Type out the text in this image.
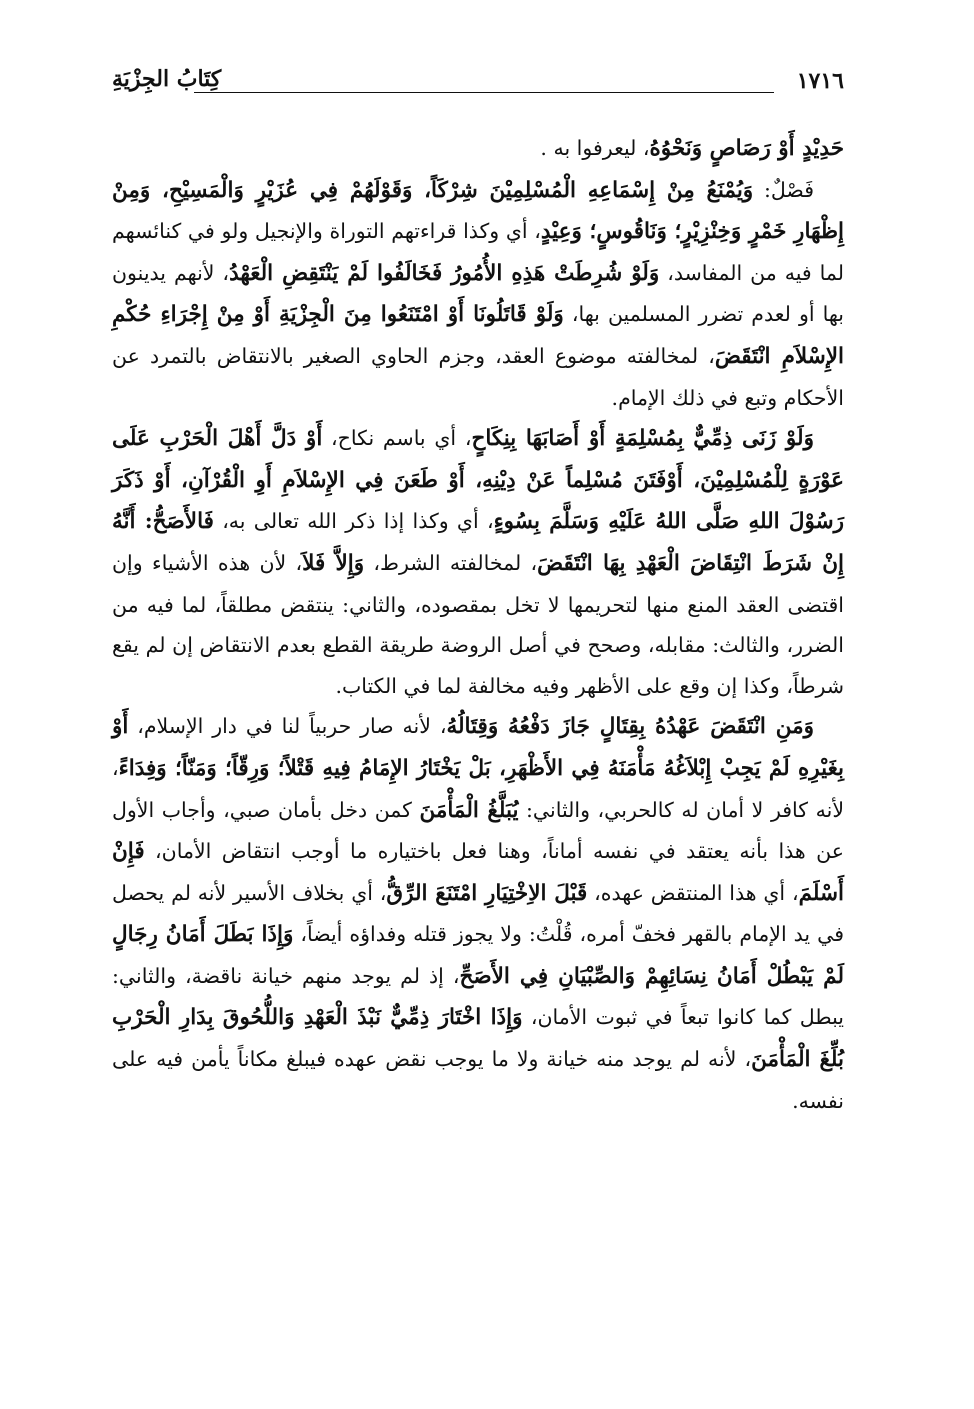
١٧١٦
كِتَابُ الجِزْيَةِ

حَدِيْدٍ أَوْ رَصَاصٍ وَنَحْوُهُ، ليعرفوا به .

فَصْلٌ: وَيُمْنَعُ مِنْ إِسْمَاعِهِ الْمُسْلِمِيْنَ شِرْكَاً، وَقَوْلَهُمْ فِي عُزَيْرٍ وَالْمَسِيْحِ، وَمِنْ إِظْهَارِ خَمْرٍ وَخِنْزِيْرٍ؛ وَنَاقُوسٍ؛ وَعِيْدٍ، أي وكذا قراءتهم التوراة والإنجيل ولو في كنائسهم لما فيه من المفاسد، وَلَوْ شُرِطَتْ هَذِهِ الأُمُورُ فَخَالَفُوا لَمْ يَنْتَقِضِ الْعَهْدُ، لأنهم يدينون بها أو لعدم تضرر المسلمين بها، وَلَوْ قَاتَلُونَا أَوْ امْتَنَعُوا مِنَ الْجِزْيَةِ أَوْ مِنْ إِجْرَاءِ حُكْمِ الإِسْلاَمِ انْتَقَضَ، لمخالفته موضوع العقد، وجزم الحاوي الصغير بالانتقاض بالتمرد عن الأحكام وتبع في ذلك الإمام.

وَلَوْ زَنَى ذِمِّيٌّ بِمُسْلِمَةٍ أَوْ أَصَابَهَا بِنِكَاحٍ، أي باسم نكاح، أَوْ دَلَّ أَهْلَ الْحَرْبِ عَلَى عَوْرَةٍ لِلْمُسْلِمِيْنَ، أَوْفَتَنَ مُسْلِماً عَنْ دِيْنِهِ، أَوْ طَعَنَ فِي الإِسْلاَمِ أَوِ الْقُرْآنِ، أَوْ ذَكَرَ رَسُوْلَ اللهِ صَلَّى اللهُ عَلَيْهِ وَسَلَّمَ بِسُوءٍ، أي وكذا إذا ذكر الله تعالى به، فَالأَصَحُّ: أَنَّهُ إِنْ شَرَطَ انْتِقَاضَ الْعَهْدِ بِهَا انْتَقَضَ، لمخالفته الشرط، وَإِلاَّ فَلاَ، لأن هذه الأشياء وإن اقتضى العقد المنع منها لتحريمها لا تخل بمقصوده، والثاني: ينتقض مطلقاً، لما فيه من الضرر، والثالث: مقابله، وصحح في أصل الروضة طريقة القطع بعدم الانتقاض إن لم يقع شرطاً، وكذا إن وقع على الأظهر وفيه مخالفة لما في الكتاب.

وَمَنِ انْتَقَضَ عَهْدُهُ بِقِتَالٍ جَازَ دَفْعُهُ وَقِتَالُهُ، لأنه صار حربياً لنا في دار الإسلام، أَوْ بِغَيْرِهِ لَمْ يَجِبْ إِبْلاَغُهُ مَأْمَنَهُ فِي الأَظْهَرِ، بَلْ يَخْتَارُ الإِمَامُ فِيهِ قَتْلاً؛ وَرِقّاً؛ وَمَنّاً؛ وَفِدَاءً، لأنه كافر لا أمان له كالحربي، والثاني: يُبَلَّغُ الْمَأْمَنَ كمن دخل بأمان صبي، وأجاب الأول عن هذا بأنه يعتقد في نفسه أماناً، وهنا فعل باختياره ما أوجب انتقاض الأمان، فَإِنْ أَسْلَمَ، أي هذا المنتقض عهده، قَبْلَ الاِخْتِيَارِ امْتَنَعَ الرِّقُّ، أي بخلاف الأسير لأنه لم يحصل في يد الإمام بالقهر فخفّ أمره، قُلْتُ: ولا يجوز قتله وفداؤه أيضاً، وَإِذَا بَطَلَ أَمَانُ رِجَالٍ لَمْ يَبْطُلْ أَمَانُ نِسَائِهِمْ وَالصِّبْيَانِ فِي الأَصَحِّ، إذ لم يوجد منهم خيانة ناقضة، والثاني: يبطل كما كانوا تبعاً في ثبوت الأمان، وَإِذَا اخْتَارَ ذِمِّيٌّ نَبْذَ الْعَهْدِ وَاللُّحُوقَ بِدَارِ الْحَرْبِ بُلِّغَ الْمَأْمَنَ، لأنه لم يوجد منه خيانة ولا ما يوجب نقض عهده فيبلغ مكاناً يأمن فيه على نفسه.
